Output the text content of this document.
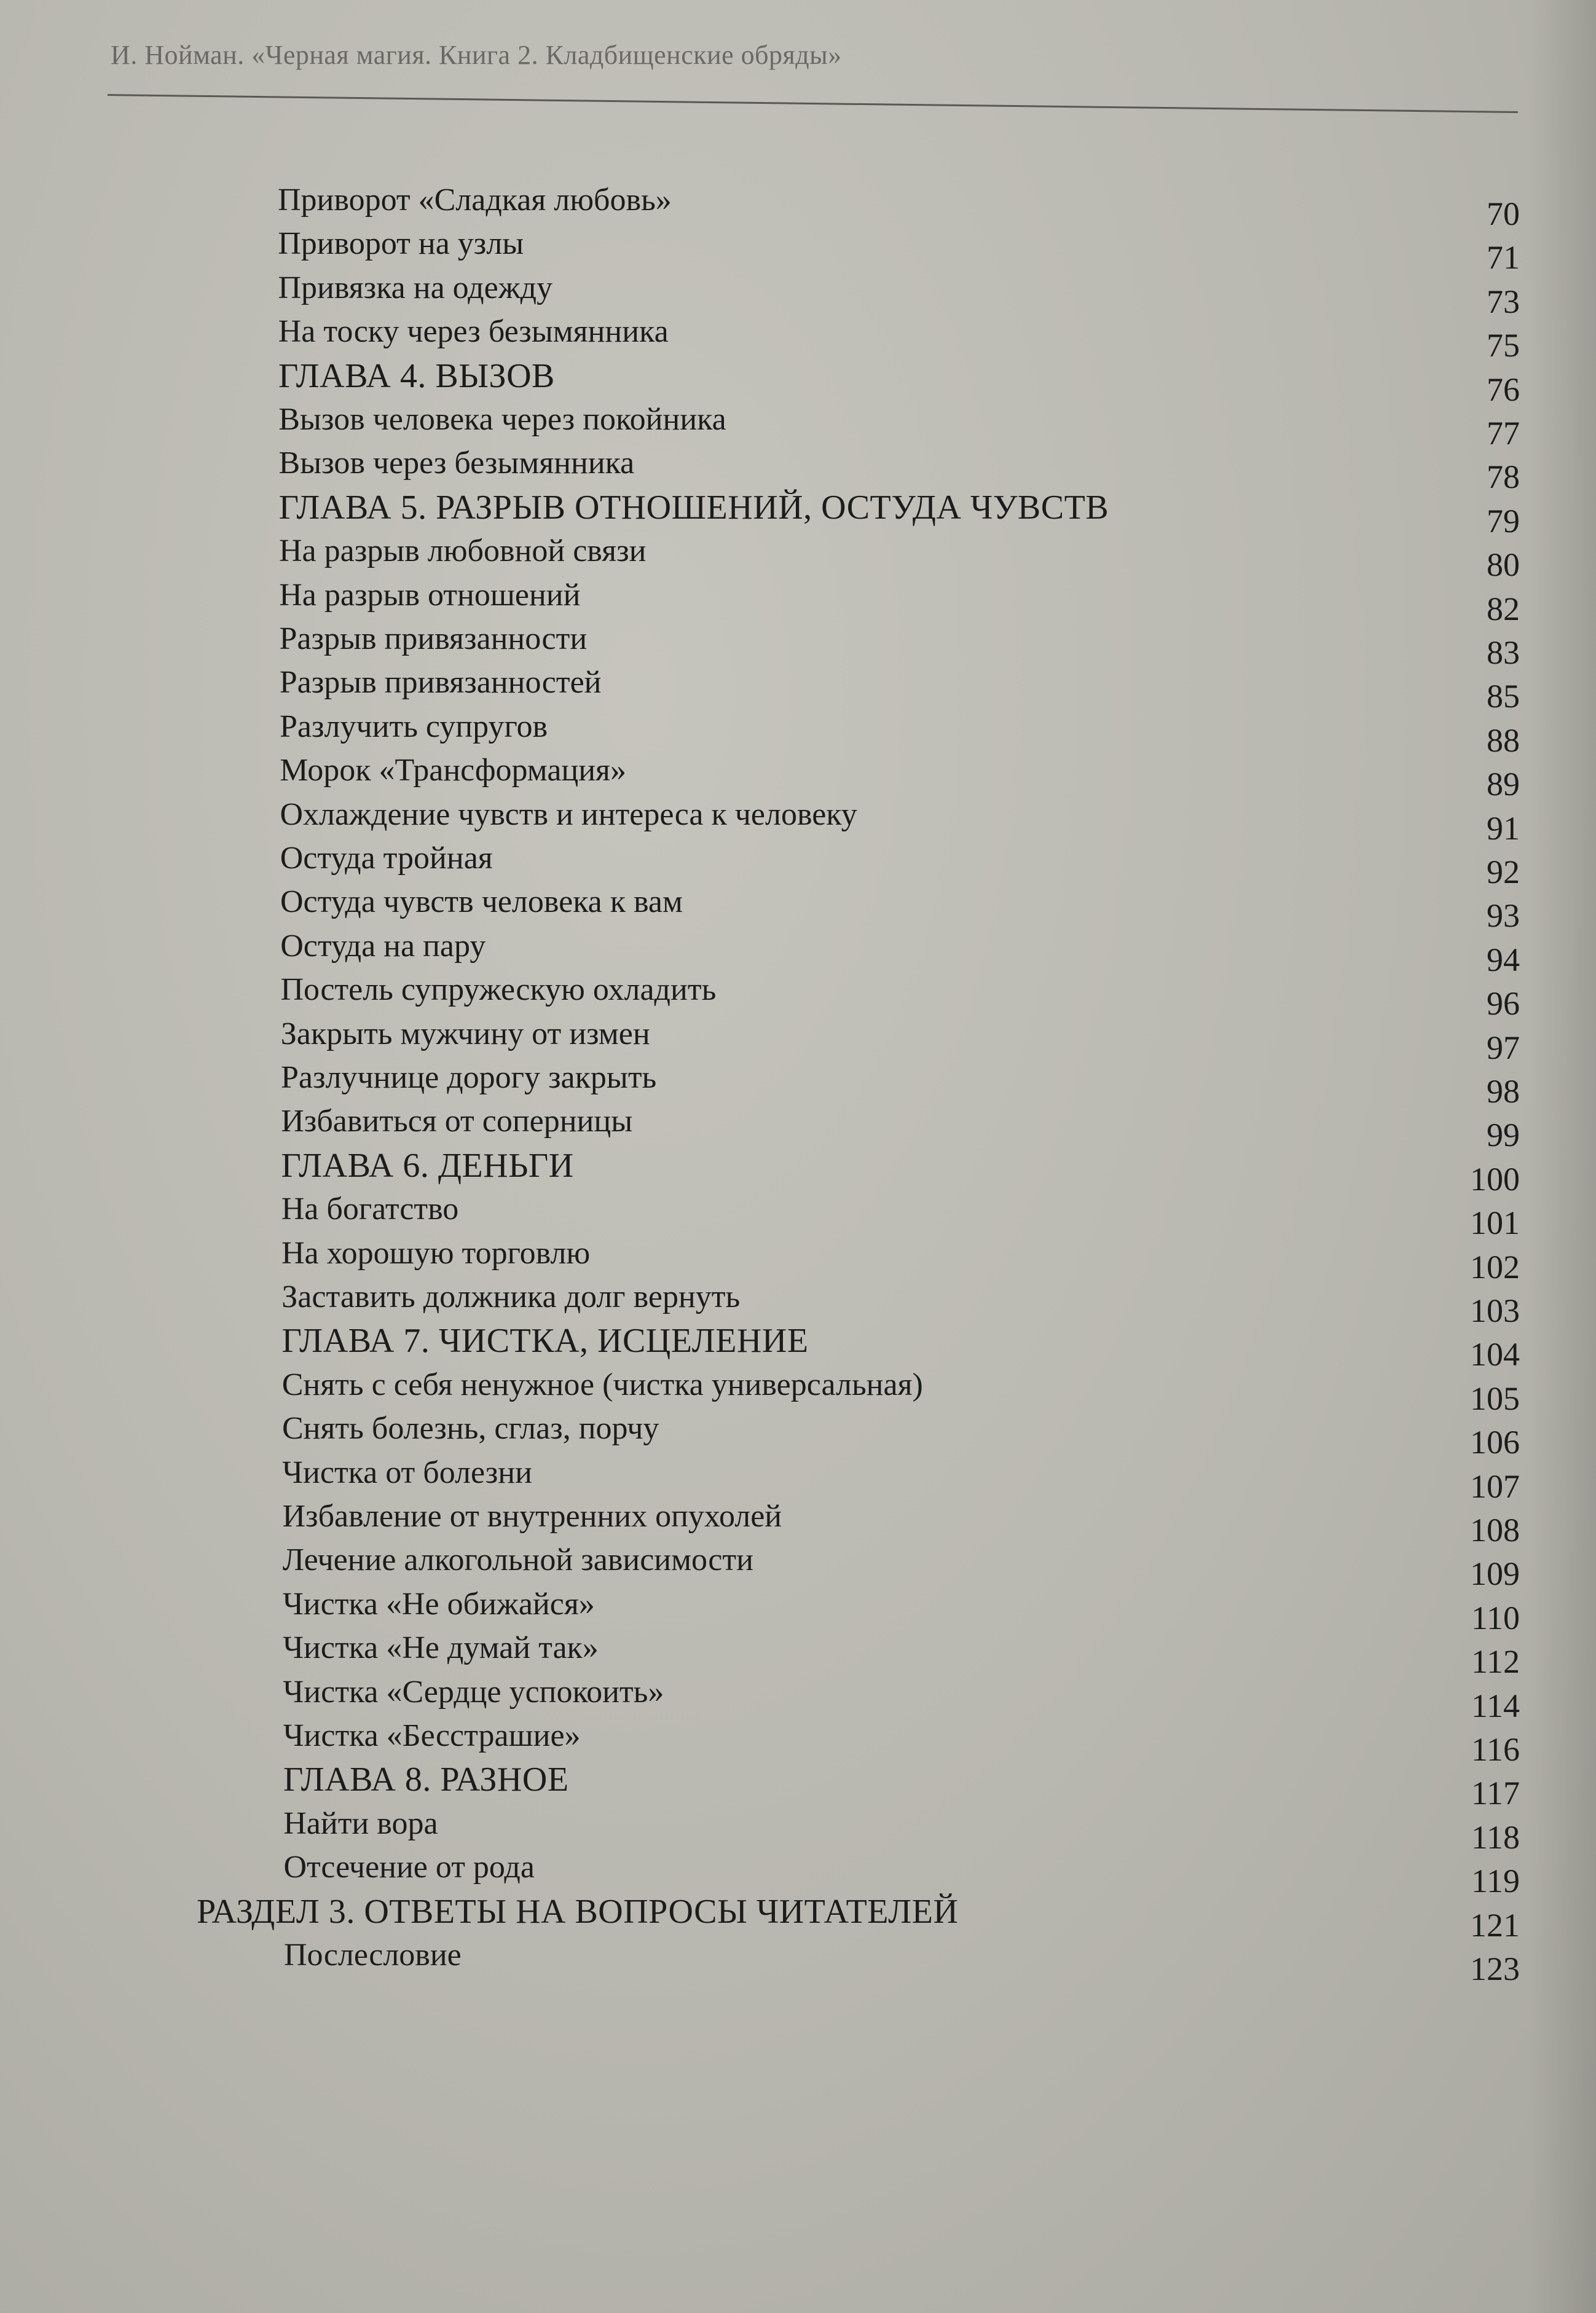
И. Нойман. «Черная магия. Книга 2. Кладбищенские обряды»
Приворот «Сладкая любовь»	70
Приворот на узлы	71
Привязка на одежду	73
На тоску через безымянника	75
ГЛАВА 4. ВЫЗОВ	76
Вызов человека через покойника	77
Вызов через безымянника	78
ГЛАВА 5. РАЗРЫВ ОТНОШЕНИЙ, ОСТУДА ЧУВСТВ	79
На разрыв любовной связи	80
На разрыв отношений	82
Разрыв привязанности	83
Разрыв привязанностей	85
Разлучить супругов	88
Морок «Трансформация»	89
Охлаждение чувств и интереса к человеку	91
Остуда тройная	92
Остуда чувств человека к вам	93
Остуда на пару	94
Постель супружескую охладить	96
Закрыть мужчину от измен	97
Разлучнице дорогу закрыть	98
Избавиться от соперницы	99
ГЛАВА 6. ДЕНЬГИ	100
На богатство	101
На хорошую торговлю	102
Заставить должника долг вернуть	103
ГЛАВА 7. ЧИСТКА, ИСЦЕЛЕНИЕ	104
Снять с себя ненужное (чистка универсальная)	105
Снять болезнь, сглаз, порчу	106
Чистка от болезни	107
Избавление от внутренних опухолей	108
Лечение алкогольной зависимости	109
Чистка «Не обижайся»	110
Чистка «Не думай так»	112
Чистка «Сердце успокоить»	114
Чистка «Бесстрашие»	116
ГЛАВА 8. РАЗНОЕ	117
Найти вора	118
Отсечение от рода	119
РАЗДЕЛ 3. ОТВЕТЫ НА ВОПРОСЫ ЧИТАТЕЛЕЙ	121
Послесловие	123
